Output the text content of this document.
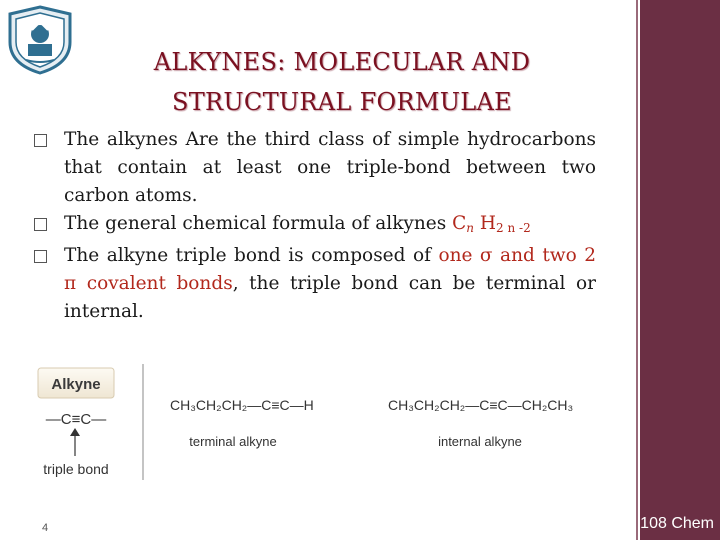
ALKYNES: MOLECULAR AND
STRUCTURAL FORMULAE
The alkynes Are the third class of simple hydrocarbons that contain at least one triple-bond between two carbon atoms.
The general chemical formula of alkynes $C_n$ $H_{2 n -2}$
The alkyne triple bond is composed of one σ and two 2 π covalent bonds, the triple bond can be terminal or internal.
Alkyne
—C≡C—
triple bond
CH₃CH₂CH₂—C≡C—H
terminal alkyne
CH₃CH₂CH₂—C≡C—CH₂CH₃
internal alkyne
4	108 Chem
